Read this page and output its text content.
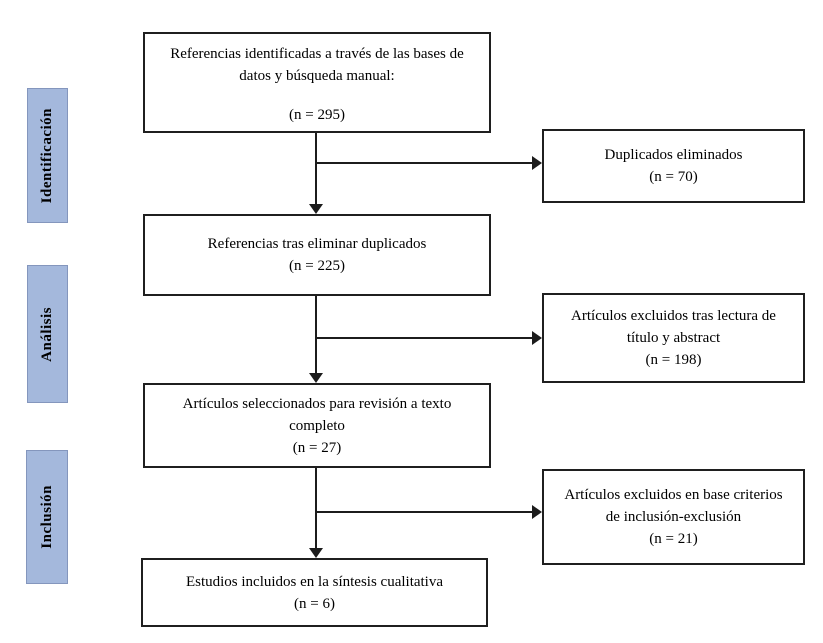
Identificación
Análisis
Inclusión
Referencias identificadas a través de las bases de datos y búsqueda manual:
(n = 295)
Referencias tras eliminar duplicados
(n = 225)
Artículos seleccionados para revisión a texto completo
(n = 27)
Estudios incluidos en la síntesis cualitativa
(n = 6)
Duplicados eliminados
(n = 70)
Artículos excluidos tras lectura de título y abstract
(n = 198)
Artículos excluidos en base criterios de inclusión-exclusión
(n = 21)
